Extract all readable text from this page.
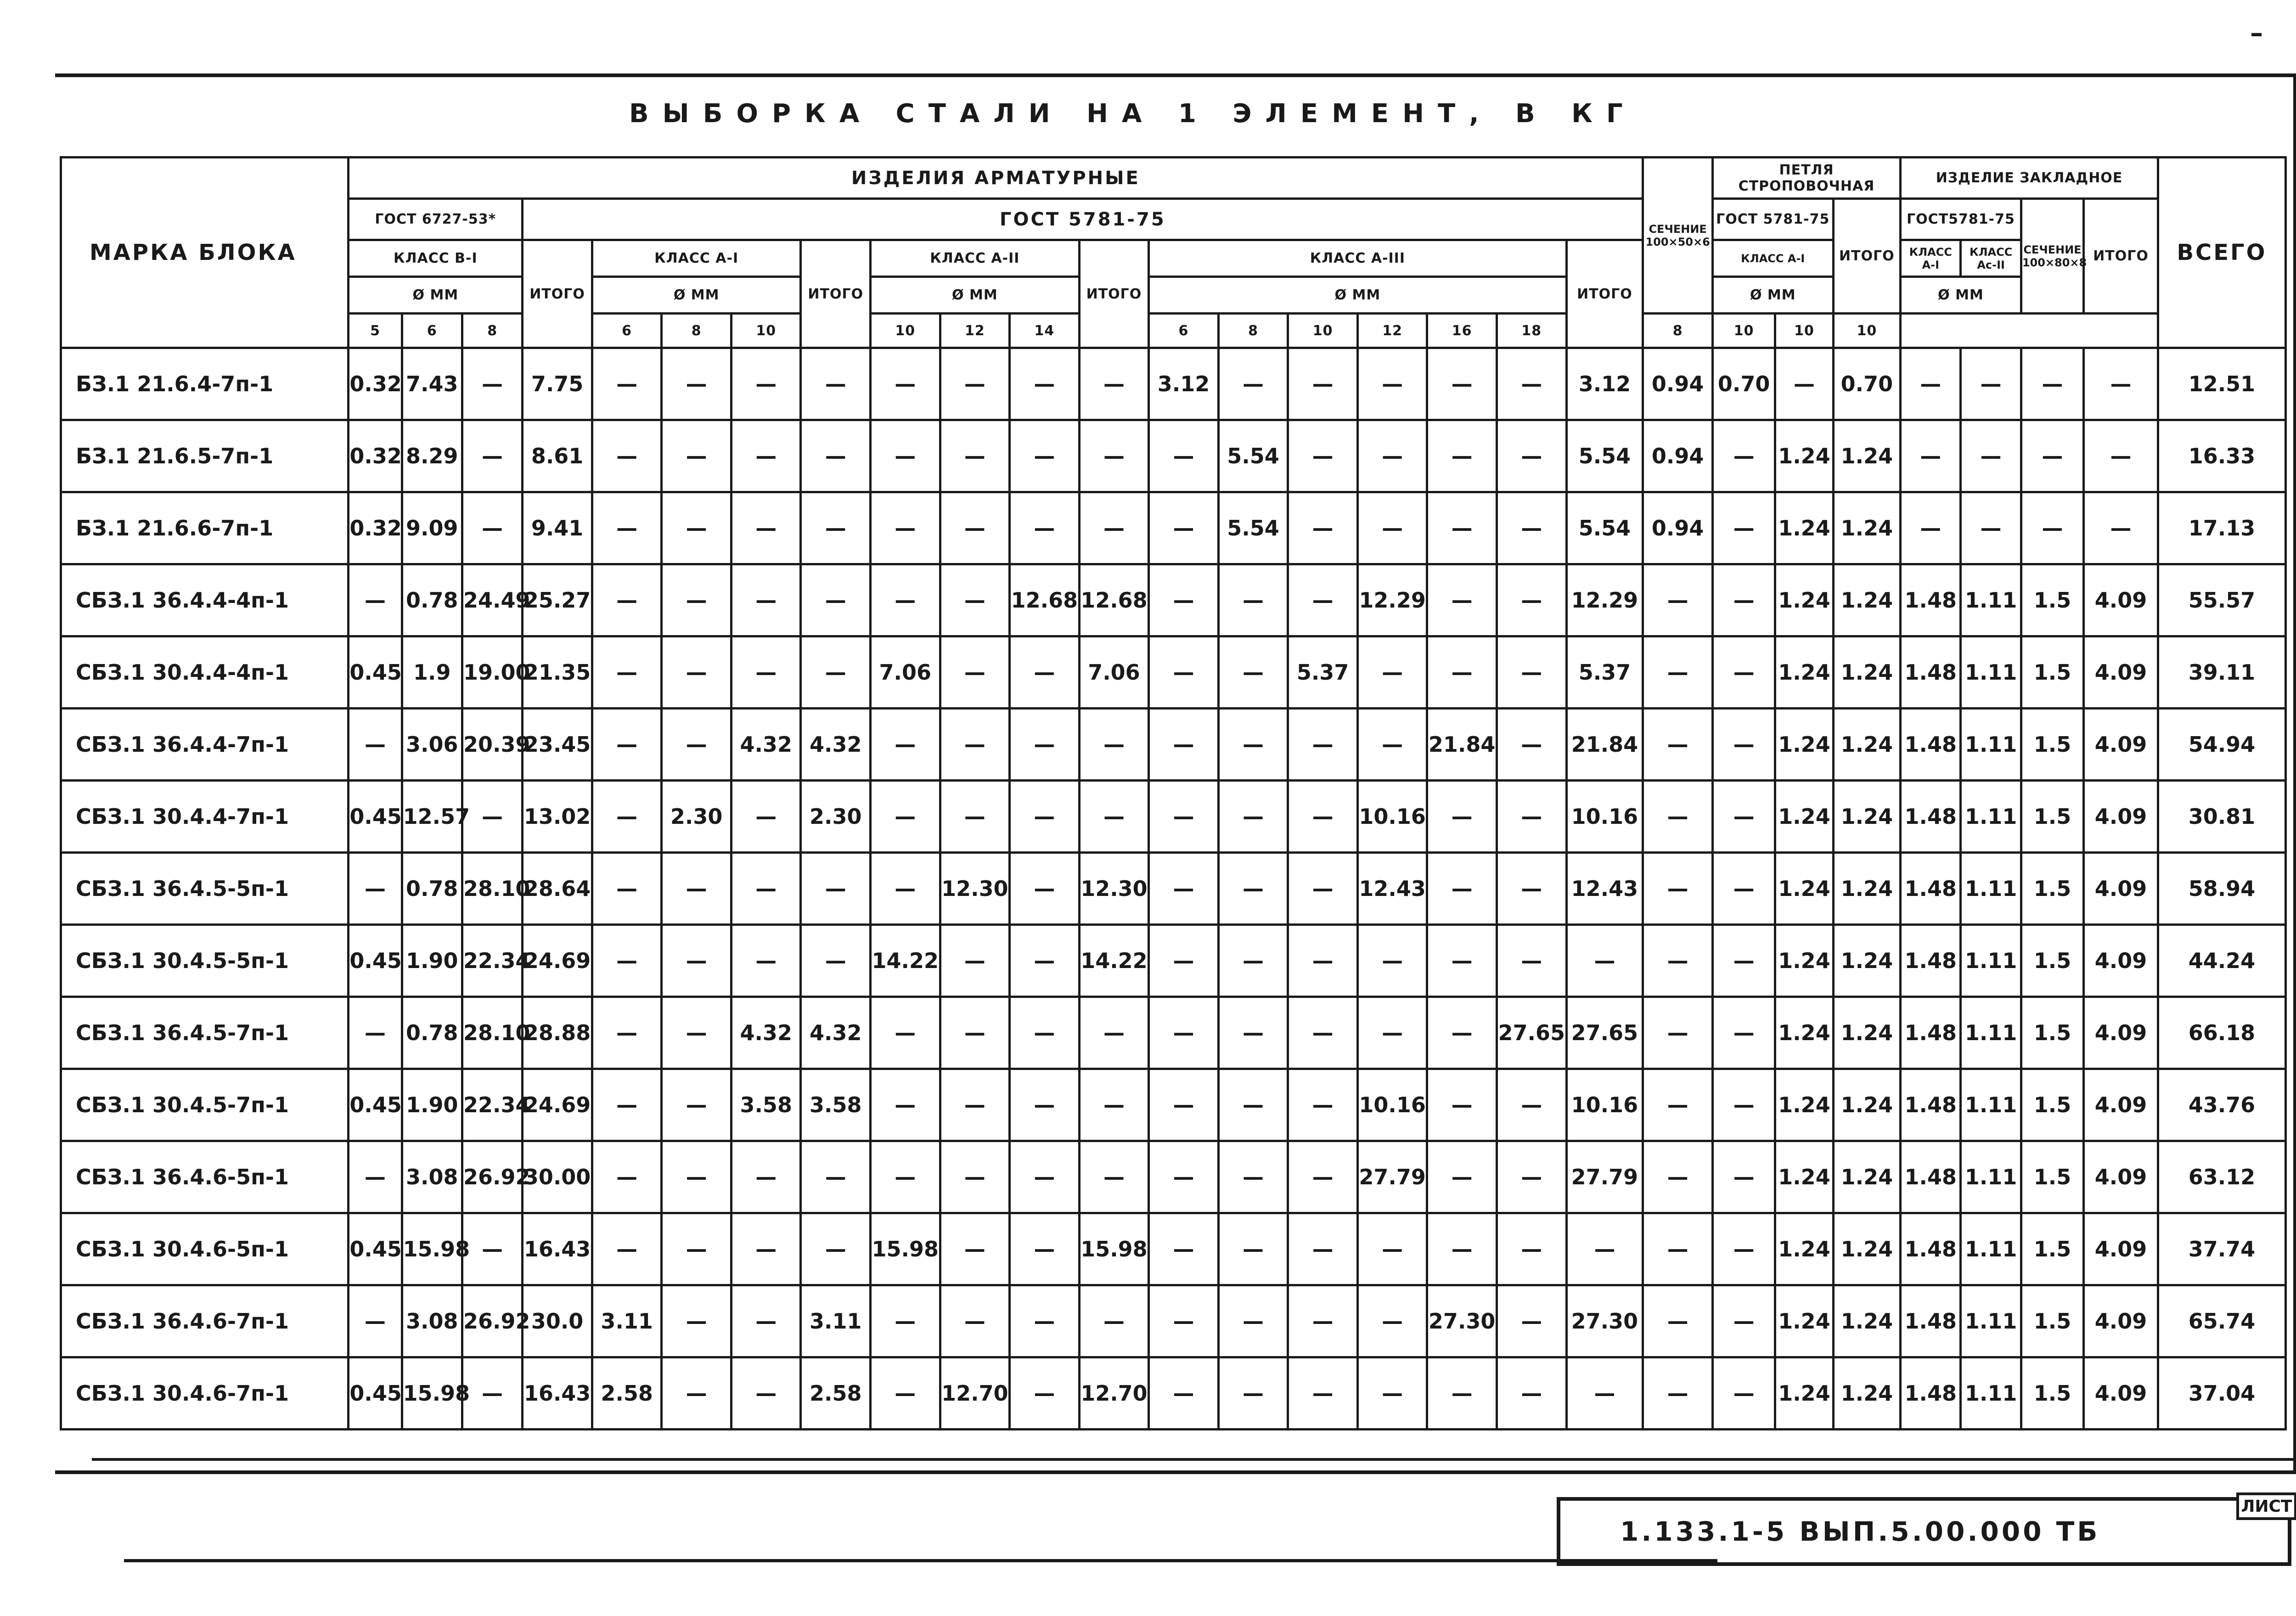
–
ВЫБОРКА СТАЛИ НА 1 ЭЛЕМЕНТ, В КГ
МАРКА БЛОКА	ИЗДЕЛИЯ АРМАТУРНЫЕ																			СЕЧЕНИЕ 100×50×6	ПЕТЛЯ СТРОПОВОЧНАЯ			ИЗДЕЛИЕ ЗАКЛАДНОЕ				ВСЕГО
	ГОСТ 6727-53*			ГОСТ 5781-75																	ГОСТ 5781-75		ИТОГО	ГОСТ5781-75		СЕЧЕНИЕ 100×80×8	ИТОГО	
	КЛАСС В-I			ИТОГО	КЛАСС А-I			ИТОГО	КЛАСС А-II			ИТОГО	КЛАСС А-III						ИТОГО		КЛАСС А-I			КЛАСС А-I	КЛАСС Ас-II			
	Ø ММ				Ø ММ				Ø ММ				Ø ММ								Ø ММ			Ø ММ				
	5	6	8		6	8	10		10	12	14		6	8	10	12	16	18		8	10	10	10					
БЗ.1 21.6.4-7п-1	0.32	7.43	—	7.75	—	—	—	—	—	—	—	—	3.12	—	—	—	—	—	3.12	0.94	0.70	—	0.70	—	—	—	—	12.51
БЗ.1 21.6.5-7п-1	0.32	8.29	—	8.61	—	—	—	—	—	—	—	—	—	5.54	—	—	—	—	5.54	0.94	—	1.24	1.24	—	—	—	—	16.33
БЗ.1 21.6.6-7п-1	0.32	9.09	—	9.41	—	—	—	—	—	—	—	—	—	5.54	—	—	—	—	5.54	0.94	—	1.24	1.24	—	—	—	—	17.13
СБЗ.1 36.4.4-4п-1	—	0.78	24.49	25.27	—	—	—	—	—	—	12.68	12.68	—	—	—	12.29	—	—	12.29	—	—	1.24	1.24	1.48	1.11	1.5	4.09	55.57
СБЗ.1 30.4.4-4п-1	0.45	1.9	19.00	21.35	—	—	—	—	7.06	—	—	7.06	—	—	5.37	—	—	—	5.37	—	—	1.24	1.24	1.48	1.11	1.5	4.09	39.11
СБЗ.1 36.4.4-7п-1	—	3.06	20.39	23.45	—	—	4.32	4.32	—	—	—	—	—	—	—	—	21.84	—	21.84	—	—	1.24	1.24	1.48	1.11	1.5	4.09	54.94
СБЗ.1 30.4.4-7п-1	0.45	12.57	—	13.02	—	2.30	—	2.30	—	—	—	—	—	—	—	10.16	—	—	10.16	—	—	1.24	1.24	1.48	1.11	1.5	4.09	30.81
СБЗ.1 36.4.5-5п-1	—	0.78	28.10	28.64	—	—	—	—	—	12.30	—	12.30	—	—	—	12.43	—	—	12.43	—	—	1.24	1.24	1.48	1.11	1.5	4.09	58.94
СБЗ.1 30.4.5-5п-1	0.45	1.90	22.34	24.69	—	—	—	—	14.22	—	—	14.22	—	—	—	—	—	—	—	—	—	1.24	1.24	1.48	1.11	1.5	4.09	44.24
СБЗ.1 36.4.5-7п-1	—	0.78	28.10	28.88	—	—	4.32	4.32	—	—	—	—	—	—	—	—	—	27.65	27.65	—	—	1.24	1.24	1.48	1.11	1.5	4.09	66.18
СБЗ.1 30.4.5-7п-1	0.45	1.90	22.34	24.69	—	—	3.58	3.58	—	—	—	—	—	—	—	10.16	—	—	10.16	—	—	1.24	1.24	1.48	1.11	1.5	4.09	43.76
СБЗ.1 36.4.6-5п-1	—	3.08	26.92	30.00	—	—	—	—	—	—	—	—	—	—	—	27.79	—	—	27.79	—	—	1.24	1.24	1.48	1.11	1.5	4.09	63.12
СБЗ.1 30.4.6-5п-1	0.45	15.98	—	16.43	—	—	—	—	15.98	—	—	15.98	—	—	—	—	—	—	—	—	—	1.24	1.24	1.48	1.11	1.5	4.09	37.74
СБЗ.1 36.4.6-7п-1	—	3.08	26.92	30.0	3.11	—	—	3.11	—	—	—	—	—	—	—	—	27.30	—	27.30	—	—	1.24	1.24	1.48	1.11	1.5	4.09	65.74
СБЗ.1 30.4.6-7п-1	0.45	15.98	—	16.43	2.58	—	—	2.58	—	12.70	—	12.70	—	—	—	—	—	—	—	—	—	1.24	1.24	1.48	1.11	1.5	4.09	37.04
1.133.1-5 ВЫП.5.00.000 ТБ
ЛИСТ
